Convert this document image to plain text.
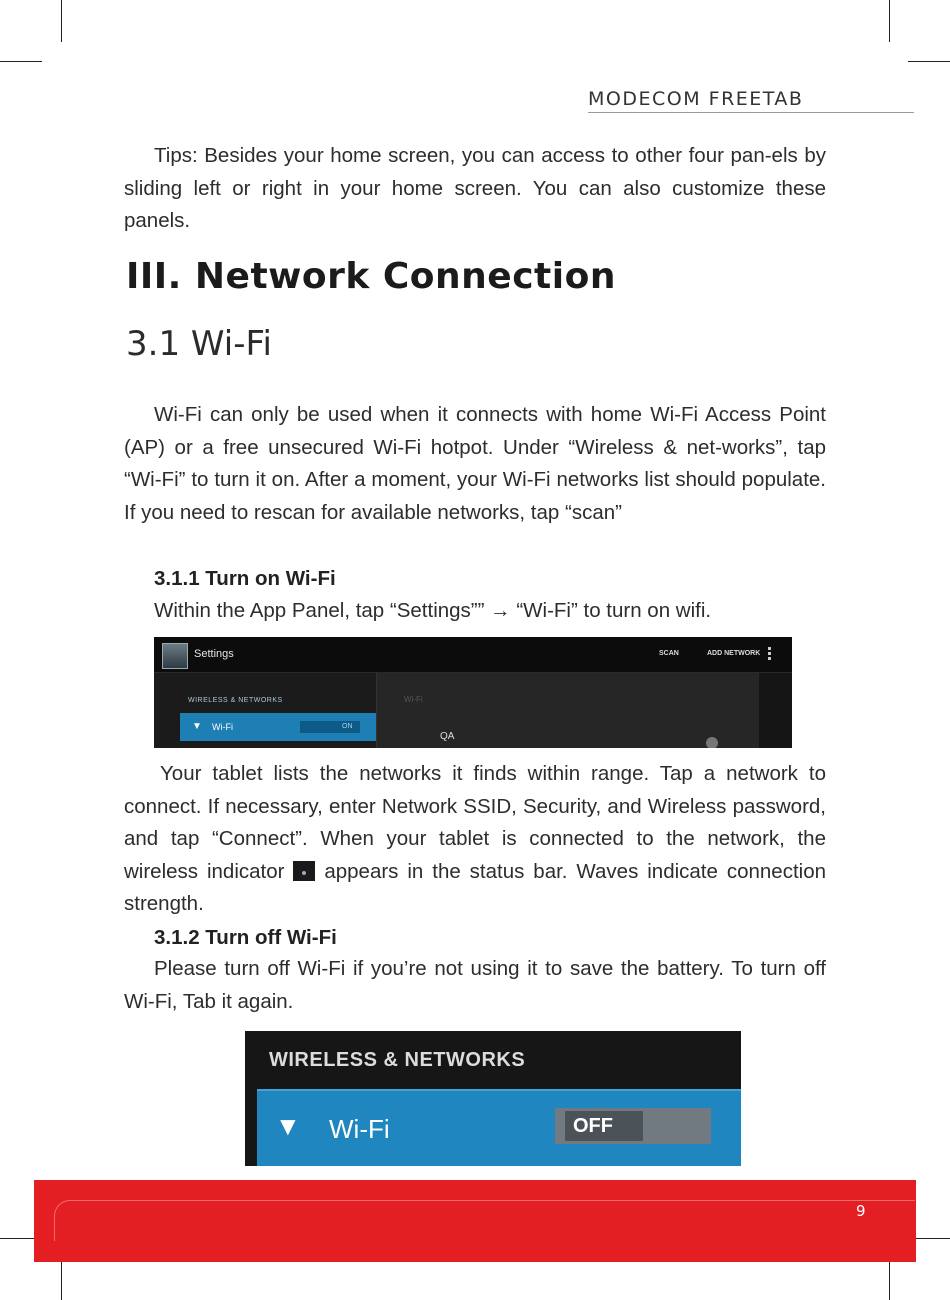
MODECOM FREETAB

Tips: Besides your home screen, you can access to other four pan-els by sliding left or right in your home screen. You can also customize these panels.

III. Network Connection
3.1 Wi-Fi

Wi-Fi can only be used when it connects with home Wi-Fi Access Point (AP) or a free unsecured Wi-Fi hotpot. Under “Wireless & net-works”, tap “Wi-Fi” to turn it on. After a moment, your Wi-Fi networks list should populate. If you need to rescan for available networks, tap “scan”

3.1.1 Turn on Wi-Fi
Within the App Panel, tap “Settings”” → “Wi-Fi” to turn on wifi.
Settings	SCAN	ADD NETWORK
WIRELESS & NETWORKS
▼ Wi-Fi	ON
Wi-Fi
QA

Your tablet lists the networks it finds within range. Tap a network to connect. If necessary, enter Network SSID, Security, and Wireless password, and tap “Connect”. When your tablet is connected to the network, the wireless indicator appears in the status bar. Waves indicate connection strength.

3.1.2 Turn off Wi-Fi

Please turn off Wi-Fi if you’re not using it to save the battery. To turn off Wi-Fi, Tab it again.

WIRELESS & NETWORKS
▼ Wi-Fi	OFF
9
